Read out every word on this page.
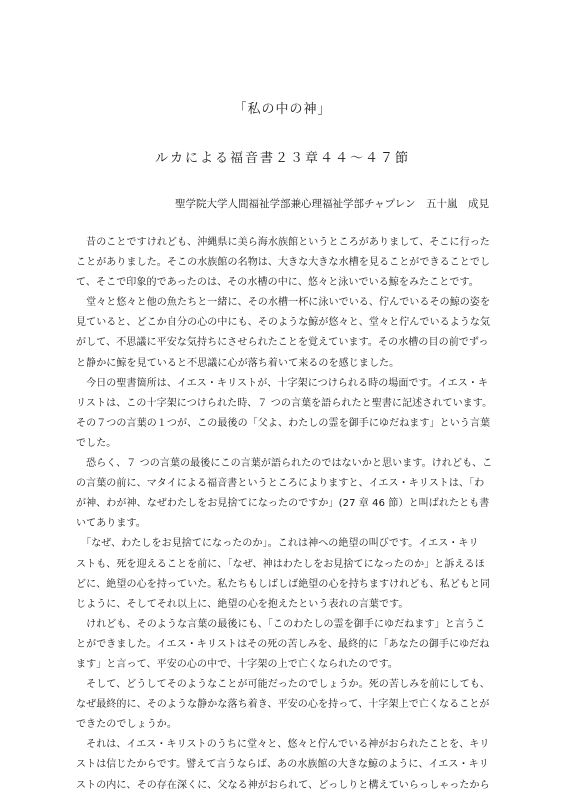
「私の中の神」
ルカによる福音書２３章４４～４７節
聖学院大学人間福祉学部兼心理福祉学部チャプレン　五十嵐　成見
　昔のことですけれども、沖縄県に美ら海水族館というところがありまして、そこに行った
ことがありました。そこの水族館の名物は、大きな大きな水槽を見ることができることでし
て、そこで印象的であったのは、その水槽の中に、悠々と泳いでいる鯨をみたことです。
　堂々と悠々と他の魚たちと一緒に、その水槽一杯に泳いでいる、佇んでいるその鯨の姿を
見ていると、どこか自分の心の中にも、そのような鯨が悠々と、堂々と佇んでいるような気
がして、不思議に平安な気持ちにさせられたことを覚えています。その水槽の目の前でずっ
と静かに鯨を見ていると不思議に心が落ち着いて来るのを感じました。
　今日の聖書箇所は、イエス・キリストが、十字架につけられる時の場面です。イエス・キ
リストは、この十字架につけられた時、７ つの言葉を語られたと聖書に記述されています。
その７つの言葉の１つが、この最後の「父よ、わたしの霊を御手にゆだねます」という言葉
でした。
　恐らく、７ つの言葉の最後にこの言葉が語られたのではないかと思います。けれども、こ
の言葉の前に、マタイによる福音書というところによりますと、イエス・キリストは、「わ
が神、わが神、なぜわたしをお見捨てになったのですか」(27 章 46 節）と叫ばれたとも書
いてあります。
　「なぜ、わたしをお見捨てになったのか」。これは神への絶望の叫びです。イエス・キリ
ストも、死を迎えることを前に、「なぜ、神はわたしをお見捨てになったのか」と訴えるほ
どに、絶望の心を持っていた。私たちもしばしば絶望の心を持ちますけれども、私どもと同
じように、そしてそれ以上に、絶望の心を抱えたという表れの言葉です。
　けれども、そのような言葉の最後にも、「このわたしの霊を御手にゆだねます」と言うこ
とができました。イエス・キリストはその死の苦しみを、最終的に「あなたの御手にゆだね
ます」と言って、平安の心の中で、十字架の上で亡くなられたのです。
　そして、どうしてそのようなことが可能だったのでしょうか。死の苦しみを前にしても、
なぜ最終的に、そのような静かな落ち着き、平安の心を持って、十字架上で亡くなることが
できたのでしょうか。
　それは、イエス・キリストのうちに堂々と、悠々と佇んでいる神がおられたことを、キリ
ストは信じたからです。譬えて言うならば、あの水族館の大きな鯨のように、イエス・キリ
ストの内に、その存在深くに、父なる神がおられて、どっしりと構えていらっしゃったから
